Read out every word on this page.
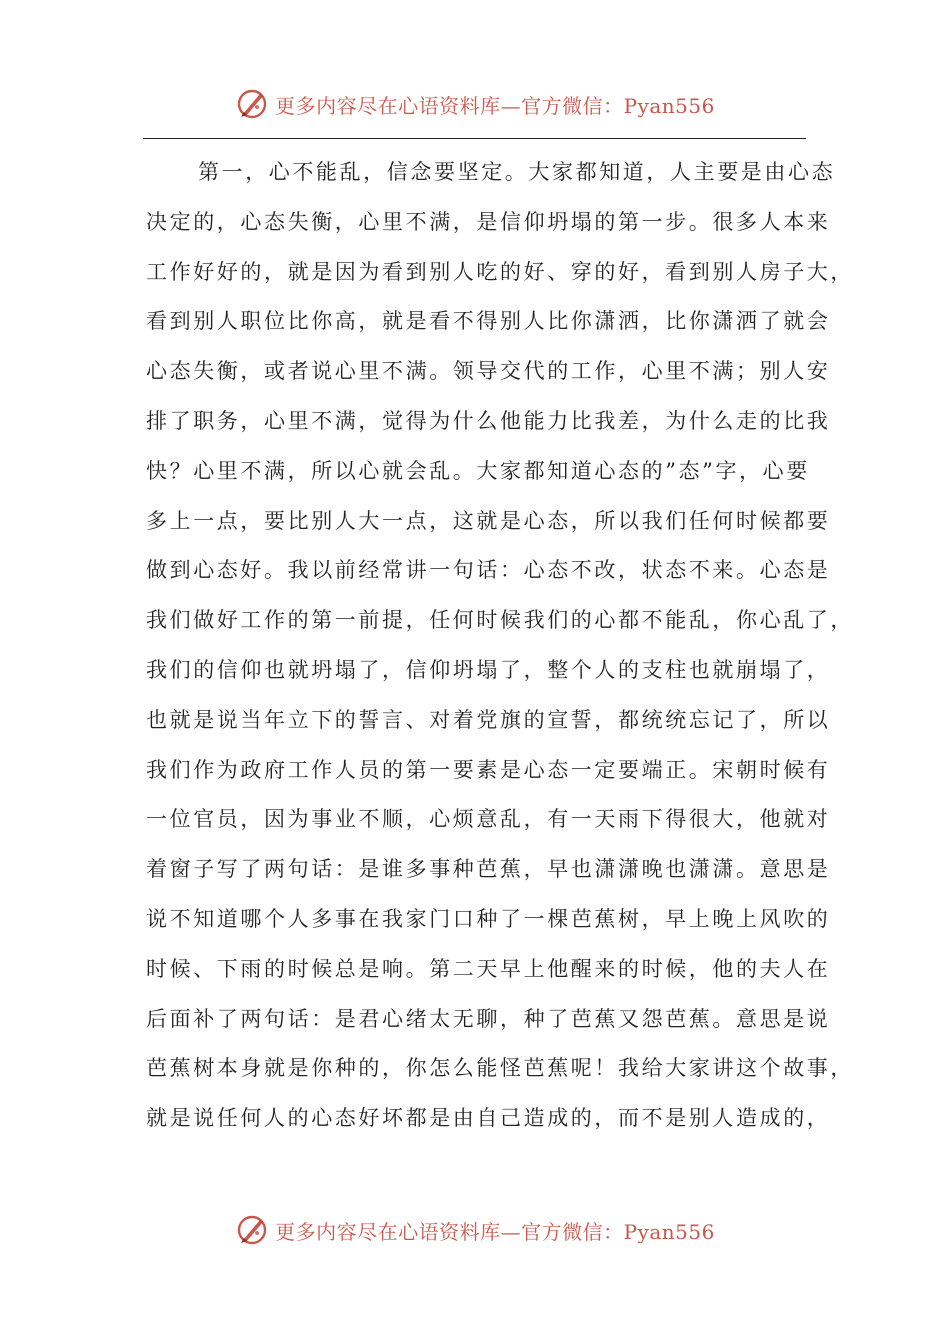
更多内容尽在心语资料库—官方微信：Pyan556
第一，心不能乱，信念要坚定。大家都知道，人主要是由心态
决定的，心态失衡，心里不满，是信仰坍塌的第一步。很多人本来
工作好好的，就是因为看到别人吃的好、穿的好，看到别人房子大，
看到别人职位比你高，就是看不得别人比你潇洒，比你潇洒了就会
心态失衡，或者说心里不满。领导交代的工作，心里不满；别人安
排了职务，心里不满，觉得为什么他能力比我差，为什么走的比我
快？心里不满，所以心就会乱。大家都知道心态的”态”字，心要
多上一点，要比别人大一点，这就是心态，所以我们任何时候都要
做到心态好。我以前经常讲一句话：心态不改，状态不来。心态是
我们做好工作的第一前提，任何时候我们的心都不能乱，你心乱了，
我们的信仰也就坍塌了，信仰坍塌了，整个人的支柱也就崩塌了，
也就是说当年立下的誓言、对着党旗的宣誓，都统统忘记了，所以
我们作为政府工作人员的第一要素是心态一定要端正。宋朝时候有
一位官员，因为事业不顺，心烦意乱，有一天雨下得很大，他就对
着窗子写了两句话：是谁多事种芭蕉，早也潇潇晚也潇潇。意思是
说不知道哪个人多事在我家门口种了一棵芭蕉树，早上晚上风吹的
时候、下雨的时候总是响。第二天早上他醒来的时候，他的夫人在
后面补了两句话：是君心绪太无聊，种了芭蕉又怨芭蕉。意思是说
芭蕉树本身就是你种的，你怎么能怪芭蕉呢！我给大家讲这个故事，
就是说任何人的心态好坏都是由自己造成的，而不是别人造成的，
更多内容尽在心语资料库—官方微信：Pyan556
